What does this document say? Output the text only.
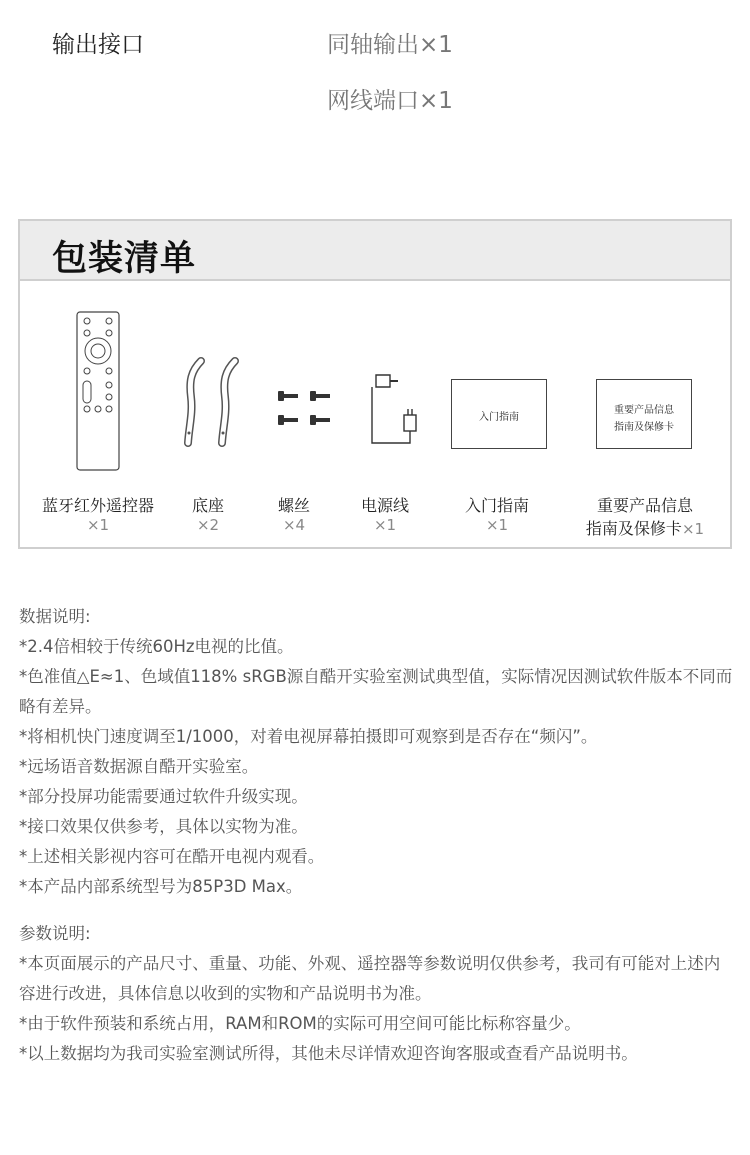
输出接口	同轴输出×1
网线端口×1
包装清单
入门指南
重要产品信息
指南及保修卡
蓝牙红外遥控器
×1
底座
×2
螺丝
×4
电源线
×1
入门指南
×1
重要产品信息
指南及保修卡×1

数据说明:

*2.4倍相较于传统60Hz电视的比值。

*色准值△E≈1、色域值118% sRGB源自酷开实验室测试典型值，实际情况因测试软件版本不同而略有差异。

*将相机快门速度调至1/1000，对着电视屏幕拍摄即可观察到是否存在“频闪”。

*远场语音数据源自酷开实验室。

*部分投屏功能需要通过软件升级实现。

*接口效果仅供参考，具体以实物为准。

*上述相关影视内容可在酷开电视内观看。

*本产品内部系统型号为85P3D Max。

参数说明:

*本页面展示的产品尺寸、重量、功能、外观、遥控器等参数说明仅供参考，我司有可能对上述内容进行改进，具体信息以收到的实物和产品说明书为准。

*由于软件预装和系统占用，RAM和ROM的实际可用空间可能比标称容量少。

*以上数据均为我司实验室测试所得，其他未尽详情欢迎咨询客服或查看产品说明书。
